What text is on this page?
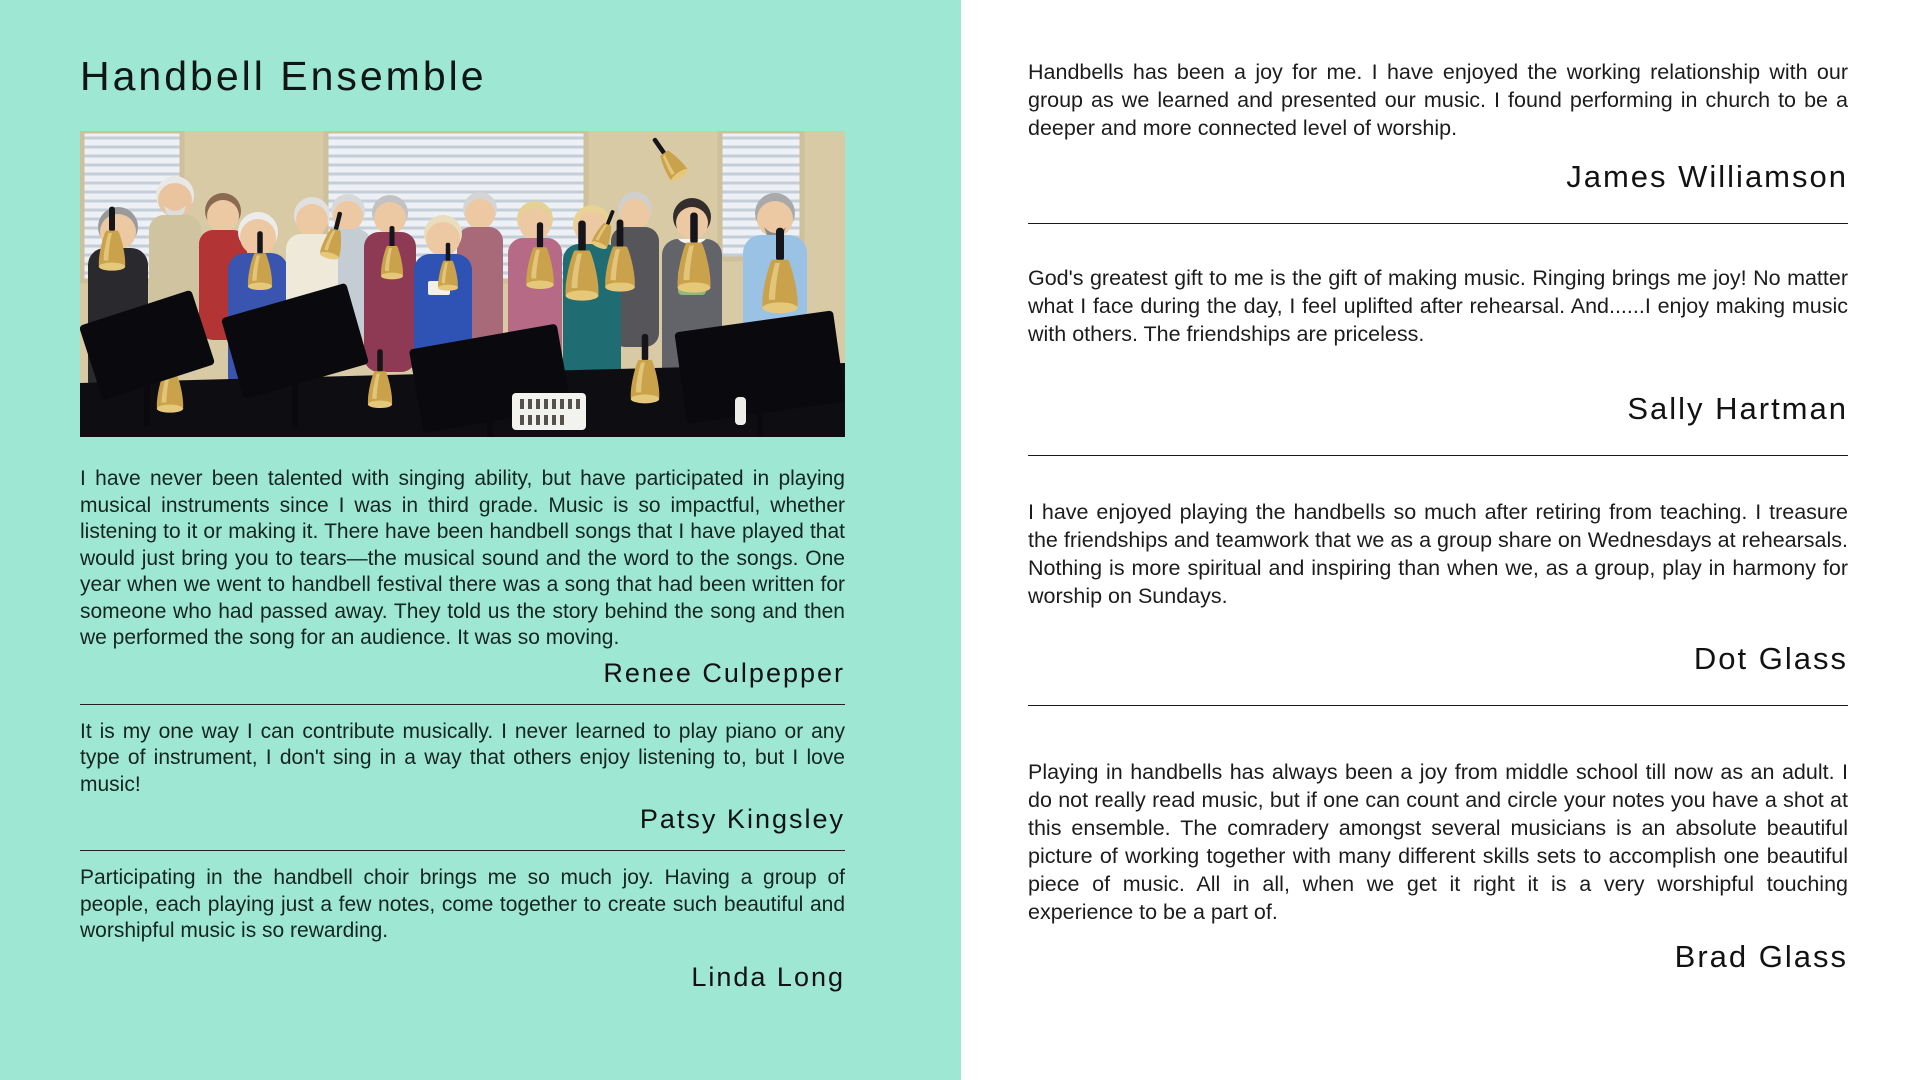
Handbell Ensemble

I have never been talented with singing ability, but have participated in playing musical instruments since I was in third grade. Music is so impactful, whether listening to it or making it. There have been handbell songs that I have played that would just bring you to tears—the musical sound and the word to the songs. One year when we went to handbell festival there was a song that had been written for someone who had passed away. They told us the story behind the song and then we performed the song for an audience. It was so moving.

Renee Culpepper

It is my one way I can contribute musically. I never learned to play piano or any type of instrument, I don't sing in a way that others enjoy listening to, but I love music!

Patsy Kingsley

Participating in the handbell choir brings me so much joy. Having a group of people, each playing just a few notes, come together to create such beautiful and worshipful music is so rewarding.

Linda Long

Handbells has been a joy for me. I have enjoyed the working relationship with our group as we learned and presented our music. I found performing in church to be a deeper and more connected level of worship.

James Williamson

God's greatest gift to me is the gift of making music. Ringing brings me joy! No matter what I face during the day, I feel uplifted after rehearsal. And......I enjoy making music with others. The friendships are priceless.

Sally Hartman

I have enjoyed playing the handbells so much after retiring from teaching. I treasure the friendships and teamwork that we as a group share on Wednesdays at rehearsals. Nothing is more spiritual and inspiring than when we, as a group, play in harmony for worship on Sundays.

Dot Glass

Playing in handbells has always been a joy from middle school till now as an adult. I do not really read music, but if one can count and circle your notes you have a shot at this ensemble. The comradery amongst several musicians is an absolute beautiful picture of working together with many different skills sets to accomplish one beautiful piece of music. All in all, when we get it right it is a very worshipful touching experience to be a part of.

Brad Glass
